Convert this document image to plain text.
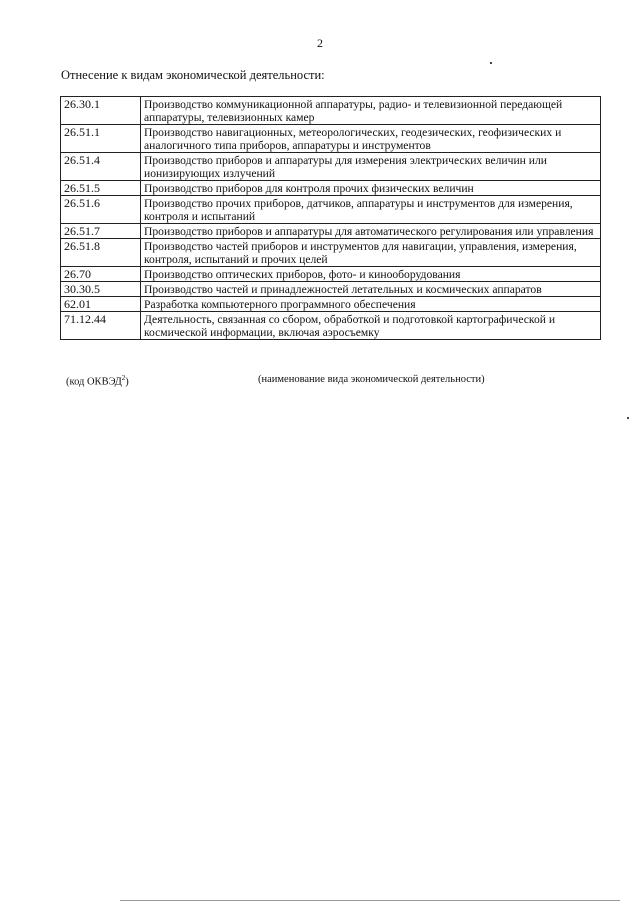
2
Отнесение к видам экономической деятельности:
26.30.1	Производство коммуникационной аппаратуры, радио- и телевизионной передающей аппаратуры, телевизионных камер
26.51.1	Производство навигационных, метеорологических, геодезических, геофизических и аналогичного типа приборов, аппаратуры и инструментов
26.51.4	Производство приборов и аппаратуры для измерения электрических величин или ионизирующих излучений
26.51.5	Производство приборов для контроля прочих физических величин
26.51.6	Производство прочих приборов, датчиков, аппаратуры и инструментов для измерения, контроля и испытаний
26.51.7	Производство приборов и аппаратуры для автоматического регулирования или управления
26.51.8	Производство частей приборов и инструментов для навигации, управления, измерения, контроля, испытаний и прочих целей
26.70	Производство оптических приборов, фото- и кинооборудования
30.30.5	Производство частей и принадлежностей летательных и космических аппаратов
62.01	Разработка компьютерного программного обеспечения
71.12.44	Деятельность, связанная со сбором, обработкой и подготовкой картографической и космической информации, включая аэросъемку
(код ОКВЭД$^2$)	(наименование вида экономической деятельности)
